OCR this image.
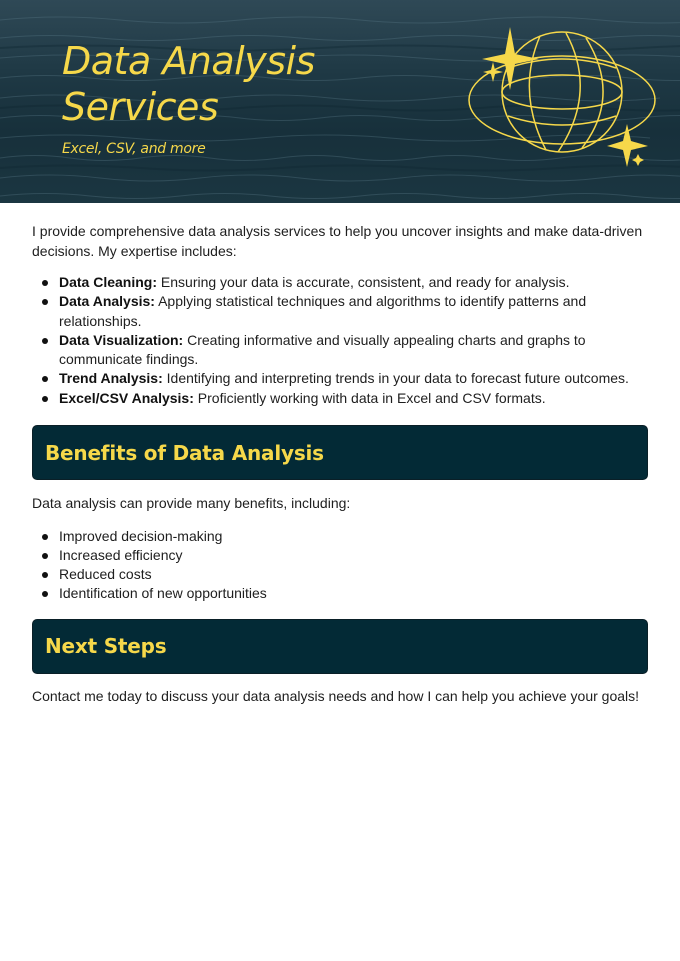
Data Analysis Services
Excel, CSV, and more

I provide comprehensive data analysis services to help you uncover insights and make data-driven decisions. My expertise includes:

Data Cleaning: Ensuring your data is accurate, consistent, and ready for analysis.
Data Analysis: Applying statistical techniques and algorithms to identify patterns and relationships.
Data Visualization: Creating informative and visually appealing charts and graphs to communicate findings.
Trend Analysis: Identifying and interpreting trends in your data to forecast future outcomes.
Excel/CSV Analysis: Proficiently working with data in Excel and CSV formats.
Benefits of Data Analysis

Data analysis can provide many benefits, including:

Improved decision-making
Increased efficiency
Reduced costs
Identification of new opportunities
Next Steps

Contact me today to discuss your data analysis needs and how I can help you achieve your goals!
